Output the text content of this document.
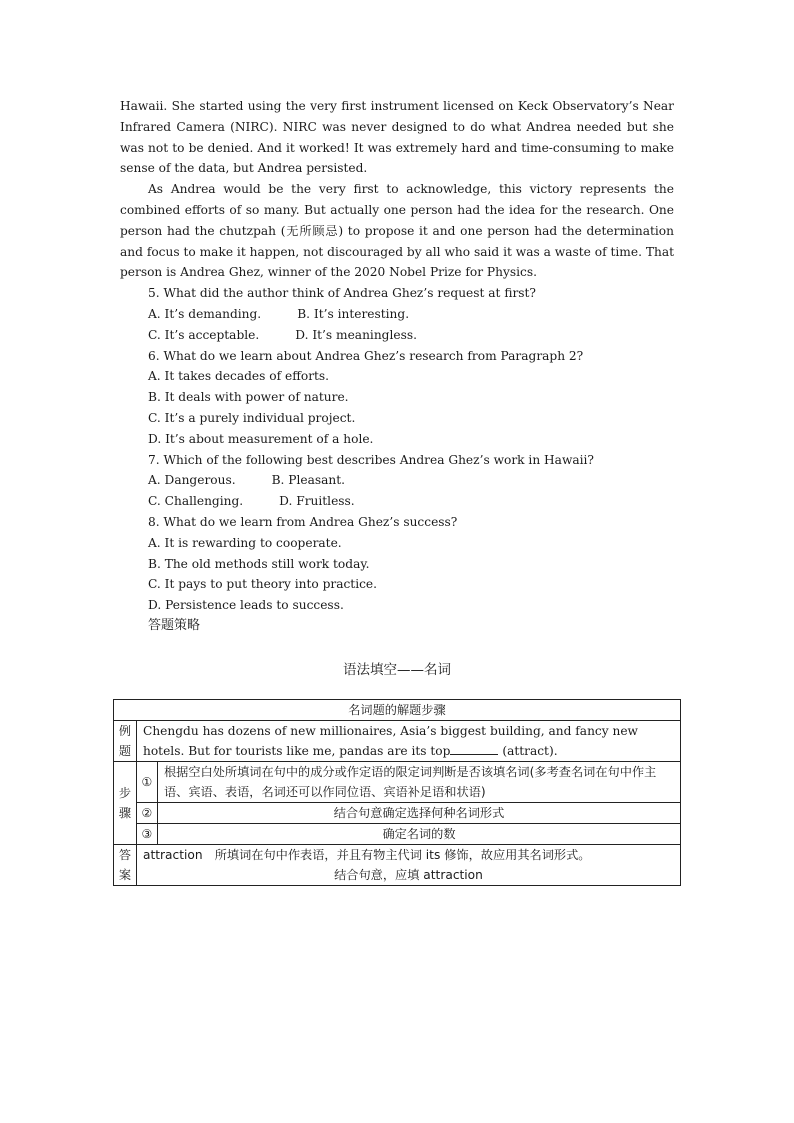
Hawaii. She started using the very first instrument licensed on Keck Observatory’s Near Infrared Camera (NIRC). NIRC was never designed to do what Andrea needed but she was not to be denied. And it worked! It was extremely hard and time-consuming to make sense of the data, but Andrea persisted.

As Andrea would be the very first to acknowledge, this victory represents the combined efforts of so many. But actually one person had the idea for the research. One person had the chutzpah (无所顾忌) to propose it and one person had the determination and focus to make it happen, not discouraged by all who said it was a waste of time. That person is Andrea Ghez, winner of the 2020 Nobel Prize for Physics.

5. What did the author think of Andrea Ghez’s request at first?

A. It’s demanding.	B. It’s interesting.

C. It’s acceptable.	D. It’s meaningless.

6. What do we learn about Andrea Ghez’s research from Paragraph 2?

A. It takes decades of efforts.

B. It deals with power of nature.

C. It’s a purely individual project.

D. It’s about measurement of a hole.

7. Which of the following best describes Andrea Ghez’s work in Hawaii?

A. Dangerous.	B. Pleasant.

C. Challenging.	D. Fruitless.

8. What do we learn from Andrea Ghez’s success?

A. It is rewarding to cooperate.

B. The old methods still work today.

C. It pays to put theory into practice.

D. Persistence leads to success.

答题策略

语法填空——名词
名词题的解题步骤		
例题	Chengdu has dozens of new millionaires, Asia’s biggest building, and fancy new hotels. But for tourists like me, pandas are its top (attract).	
步骤	①	根据空白处所填词在句中的成分或作定语的限定词判断是否该填名词(多考查名词在句中作主语、宾语、表语，名词还可以作同位语、宾语补足语和状语)
	②	结合句意确定选择何种名词形式
	③	确定名词的数
答案	attraction　所填词在句中作表语，并且有物主代词 its 修饰，故应用其名词形式。
结合句意，应填 attraction	
